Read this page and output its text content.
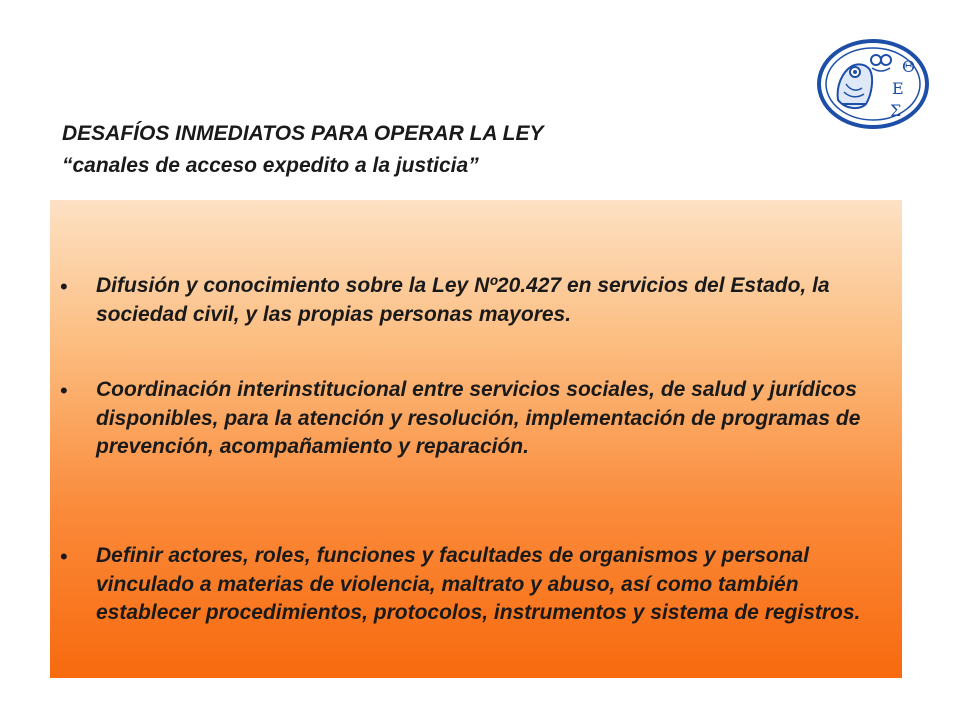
Θ
Ε
Σ
DESAFÍOS INMEDIATOS PARA OPERAR LA LEY
“canales de acceso expedito a la justicia”
•	Difusión y conocimiento sobre la Ley Nº20.427 en servicios del Estado, la sociedad civil, y las propias personas mayores.
•	Coordinación interinstitucional entre servicios sociales, de salud y jurídicos disponibles, para la atención y resolución, implementación de programas de prevención, acompañamiento y reparación.
•	Definir actores, roles, funciones y facultades de organismos y personal vinculado a materias de violencia, maltrato y abuso, así como también establecer procedimientos, protocolos, instrumentos y sistema de registros.
